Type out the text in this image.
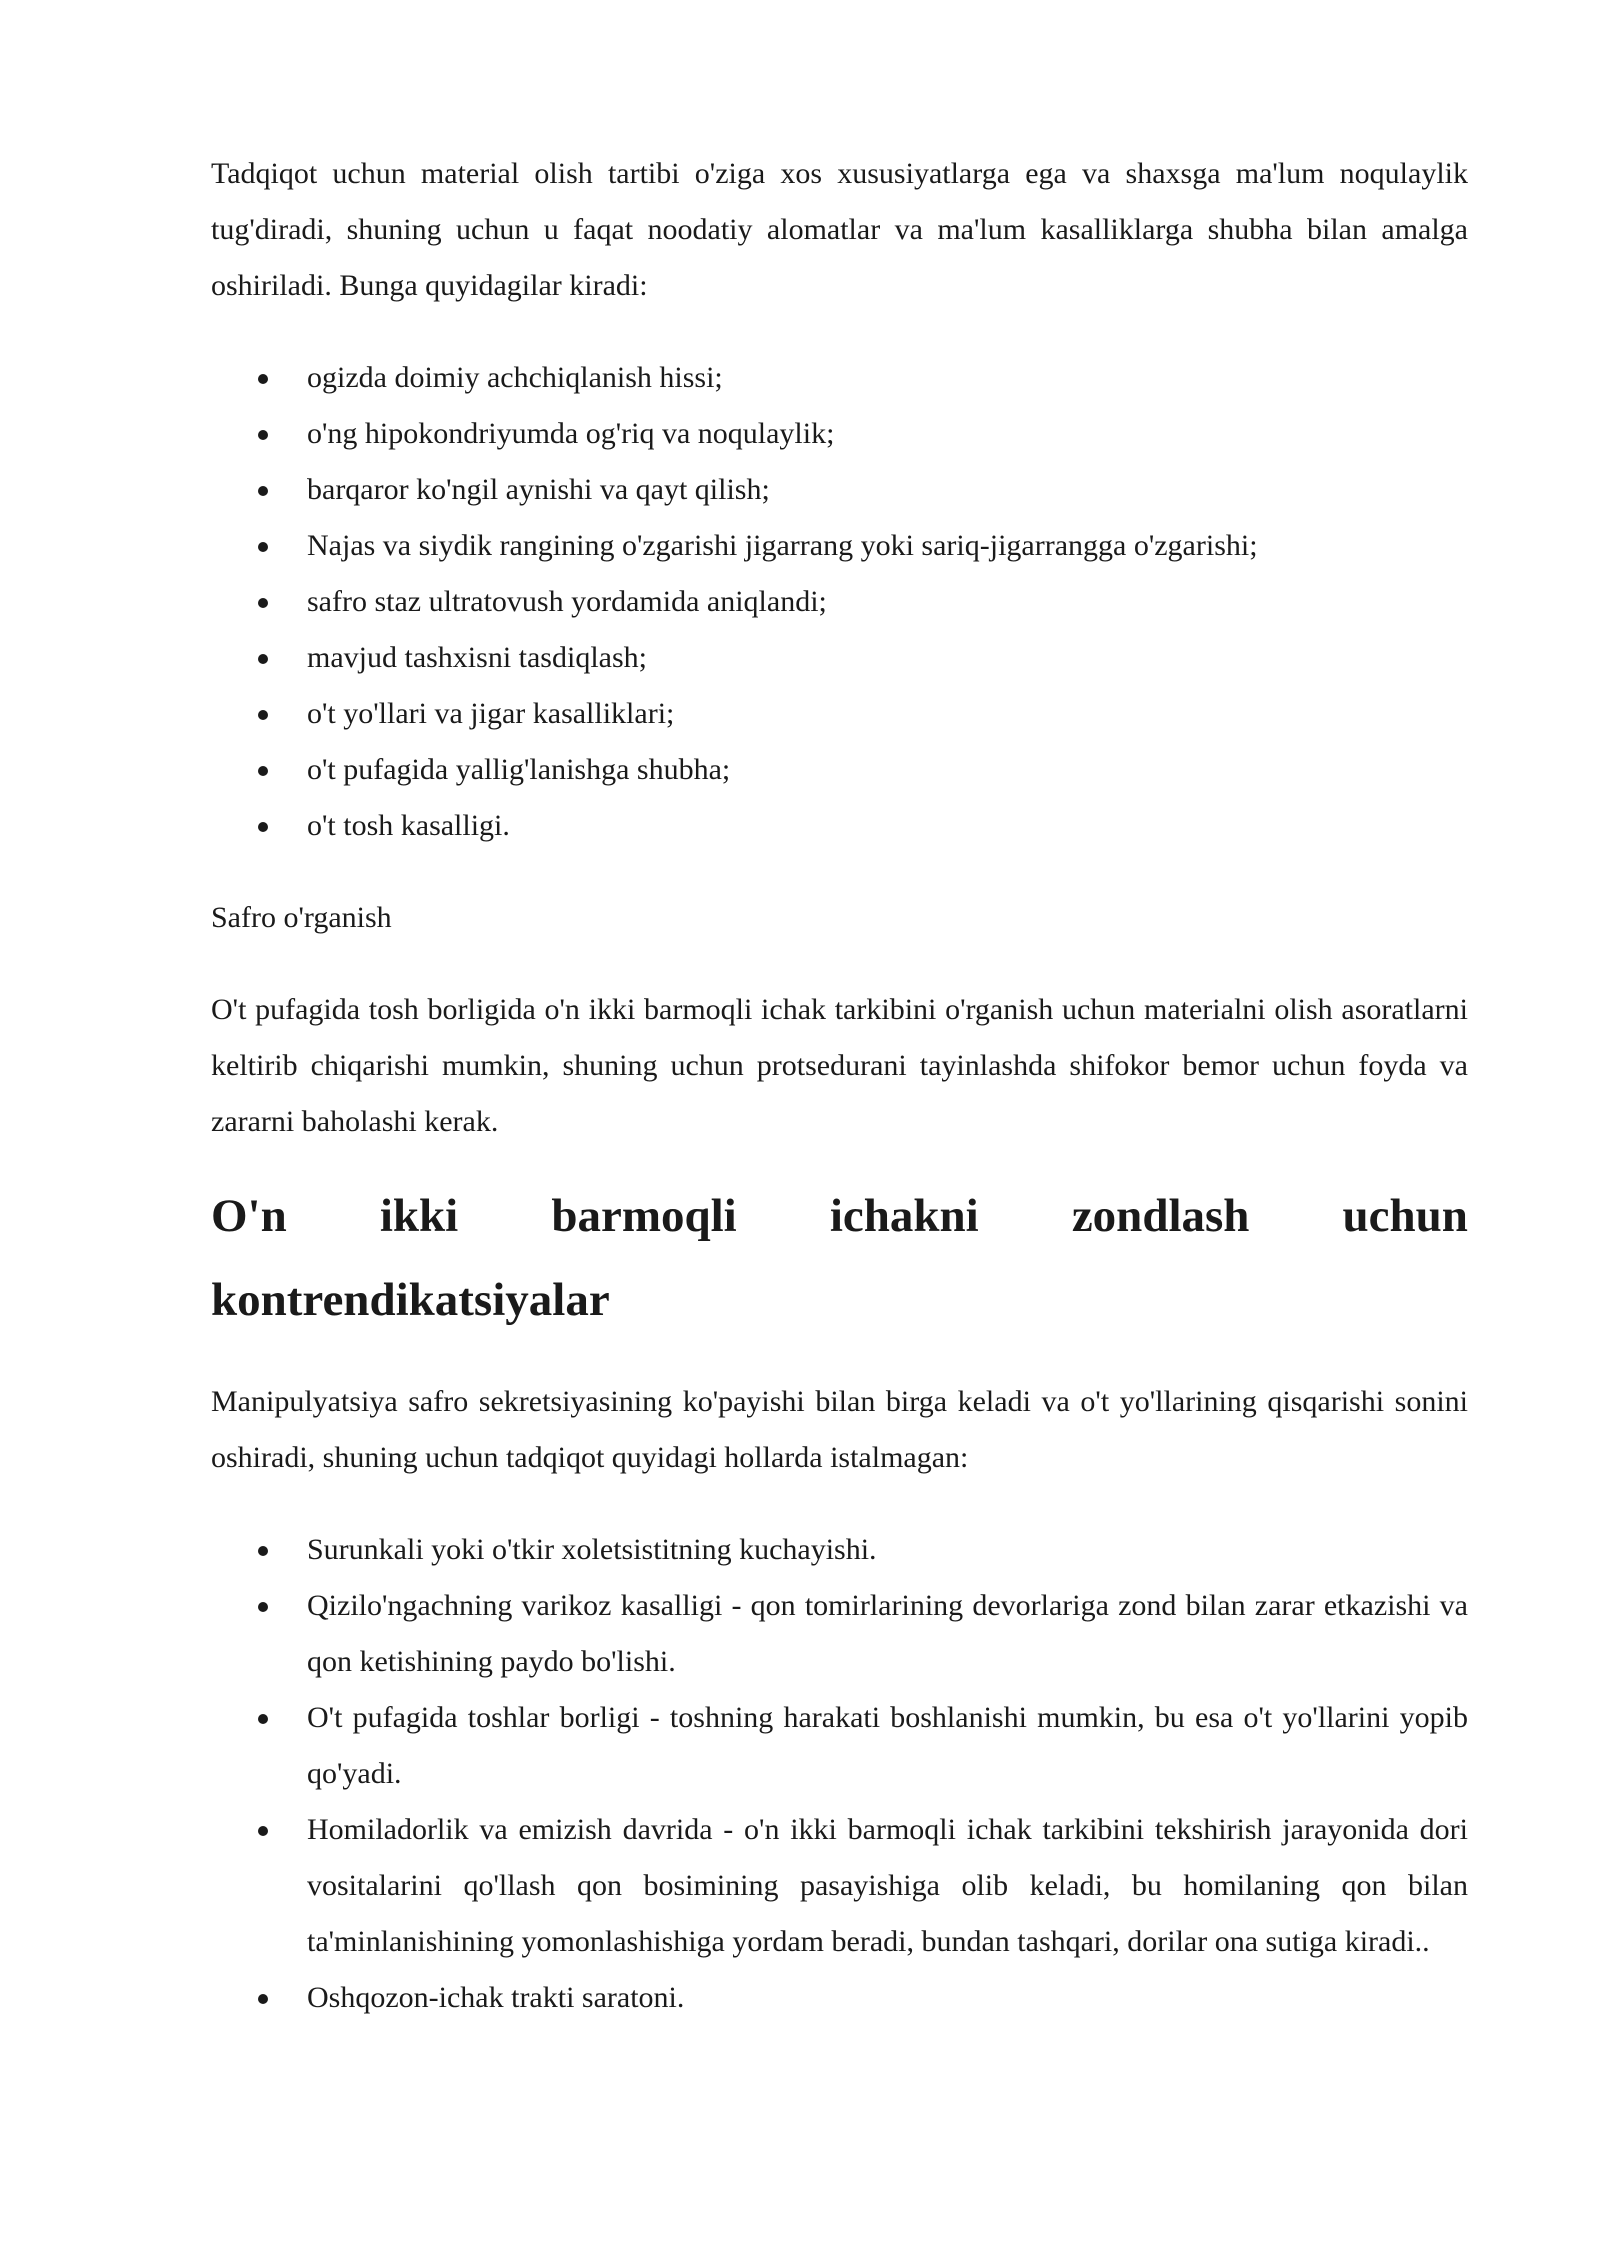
Tadqiqot uchun material olish tartibi o'ziga xos xususiyatlarga ega va shaxsga ma'lum noqulaylik tug'diradi, shuning uchun u faqat noodatiy alomatlar va ma'lum kasalliklarga shubha bilan amalga oshiriladi. Bunga quyidagilar kiradi:

ogizda doimiy achchiqlanish hissi;
o'ng hipokondriyumda og'riq va noqulaylik;
barqaror ko'ngil aynishi va qayt qilish;
Najas va siydik rangining o'zgarishi jigarrang yoki sariq-jigarrangga o'zgarishi;
safro staz ultratovush yordamida aniqlandi;
mavjud tashxisni tasdiqlash;
o't yo'llari va jigar kasalliklari;
o't pufagida yallig'lanishga shubha;
o't tosh kasalligi.

Safro o'rganish

O't pufagida tosh borligida o'n ikki barmoqli ichak tarkibini o'rganish uchun materialni olish asoratlarni keltirib chiqarishi mumkin, shuning uchun protsedurani tayinlashda shifokor bemor uchun foyda va zararni baholashi kerak.

O'n ikki barmoqli ichakni zondlash uchun
kontrendikatsiyalar

Manipulyatsiya safro sekretsiyasining ko'payishi bilan birga keladi va o't yo'llarining qisqarishi sonini oshiradi, shuning uchun tadqiqot quyidagi hollarda istalmagan:

Surunkali yoki o'tkir xoletsistitning kuchayishi.
Qizilo'ngachning varikoz kasalligi - qon tomirlarining devorlariga zond bilan zarar etkazishi va qon ketishining paydo bo'lishi.
O't pufagida toshlar borligi - toshning harakati boshlanishi mumkin, bu esa o't yo'llarini yopib qo'yadi.
Homiladorlik va emizish davrida - o'n ikki barmoqli ichak tarkibini tekshirish jarayonida dori vositalarini qo'llash qon bosimining pasayishiga olib keladi, bu homilaning qon bilan ta'minlanishining yomonlashishiga yordam beradi, bundan tashqari, dorilar ona sutiga kiradi..
Oshqozon-ichak trakti saratoni.
